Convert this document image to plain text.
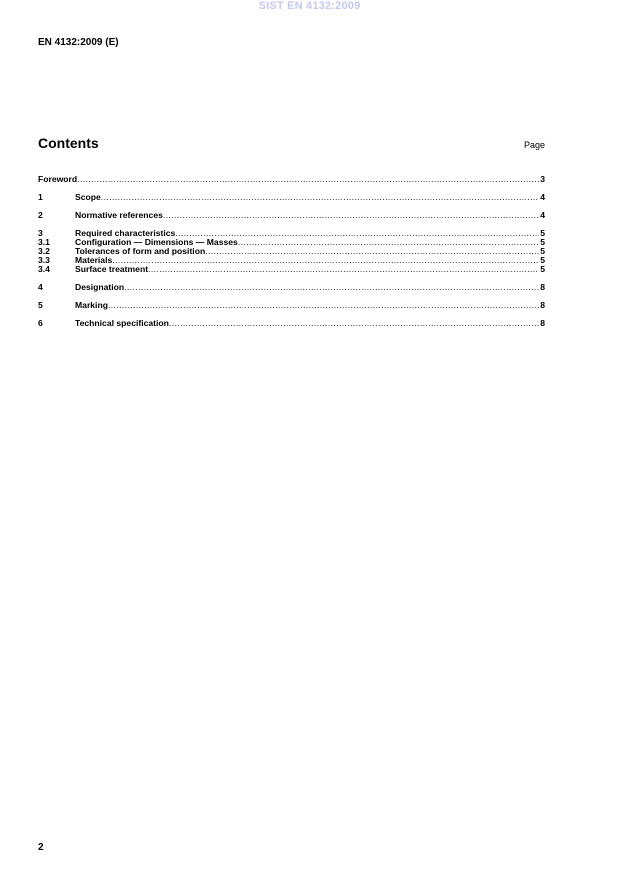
SIST EN 4132:2009
EN 4132:2009 (E)
Contents	Page
Foreword .....	3
1	Scope .....	4
2	Normative references .....	4
3	Required characteristics .....	5
3.1	Configuration — Dimensions — Masses .....	5
3.2	Tolerances of form and position .....	5
3.3	Materials .....	5
3.4	Surface treatment .....	5
4	Designation .....	8
5	Marking .....	8
6	Technical specification .....	8
2
